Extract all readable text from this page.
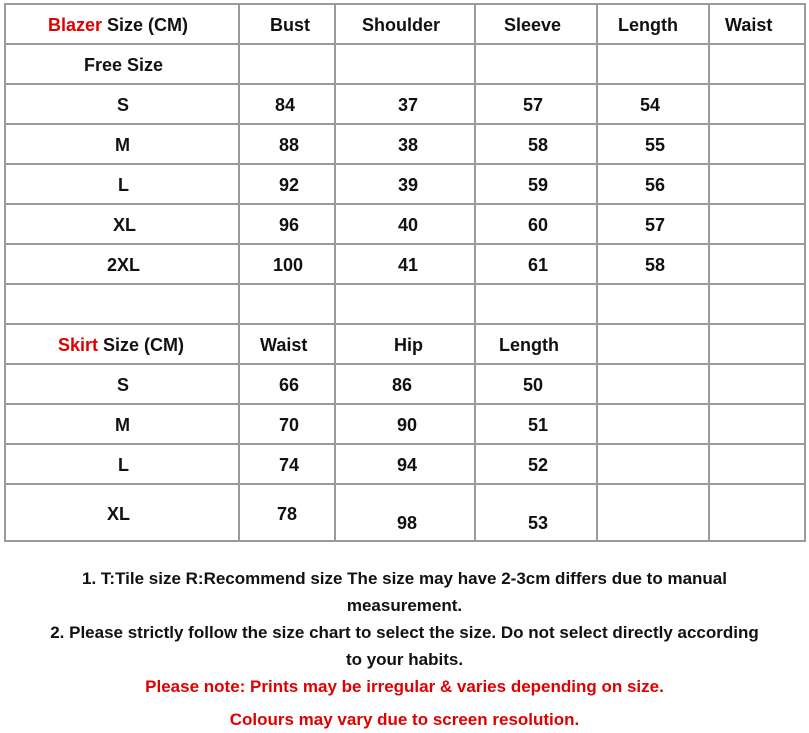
Blazer Size (CM)	Bust	Shoulder	Sleeve	Length	Waist
Free Size
S	84	37	57	54
M	88	38	58	55
L	92	39	59	56
XL	96	40	60	57
2XL	100	41	61	58
Skirt Size (CM)	Waist	Hip	Length
S	66	86	50
M	70	90	51
L	74	94	52
XL	78	98	53

1. T:Tile size R:Recommend size The size may have 2-3cm differs due to manual

measurement.

2. Please strictly follow the size chart to select the size. Do not select directly according

to your habits.

Please note: Prints may be irregular & varies depending on size.

Colours may vary due to screen resolution.
